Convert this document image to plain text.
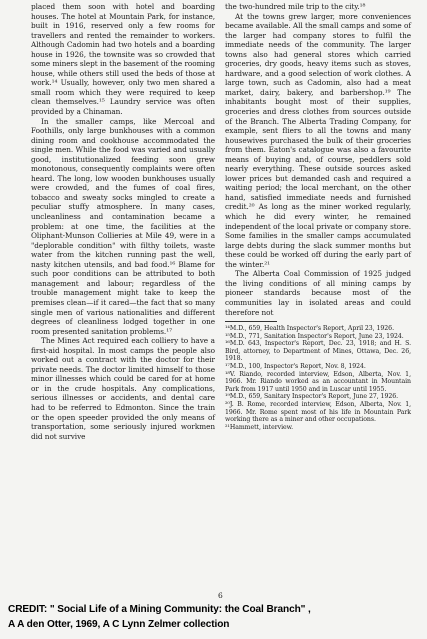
placed them soon with hotel and boarding houses. The hotel at Mountain Park, for instance, built in 1916, reserved only a few rooms for travellers and rented the remainder to workers. Although Cadomin had two hotels and a boarding house in 1926, the townsite was so crowded that some miners slept in the basement of the rooming house, while others still used the beds of those at work.¹⁴ Usually, however, only two men shared a small room which they were required to keep clean themselves.¹⁵ Laundry service was often provided by a Chinaman.

In the smaller camps, like Mercoal and Foothills, only large bunkhouses with a common dining room and cookhouse accommodated the single men. While the food was varied and usually good, institutionalized feeding soon grew monotonous, consequently complaints were often heard. The long, low wooden bunkhouses usually were crowded, and the fumes of coal fires, tobacco and sweaty socks mingled to create a peculiar stuffy atmosphere. In many cases, uncleanliness and contamination became a problem: at one time, the facilities at the Oliphant-Munson Collieries at Mile 49, were in a "deplorable condition" with filthy toilets, waste water from the kitchen running past the well, nasty kitchen utensils, and bad food.¹⁶ Blame for such poor conditions can be attributed to both management and labour; regardless of the trouble management might take to keep the premises clean—if it cared—the fact that so many single men of various nationalities and different degrees of cleanliness lodged together in one room presented sanitation problems.¹⁷

The Mines Act required each colliery to have a first-aid hospital. In most camps the people also worked out a contract with the doctor for their private needs. The doctor limited himself to those minor illnesses which could be cared for at home or in the crude hospitals. Any complications, serious illnesses or accidents, and dental care had to be referred to Edmonton. Since the train or the open speeder provided the only means of transportation, some seriously injured workmen did not survive

the two-hundred mile trip to the city.¹⁸

At the towns grew larger, more conveniences became available. All the small camps and some of the larger had company stores to fulfil the immediate needs of the community. The larger towns also had general stores which carried groceries, dry goods, heavy items such as stoves, hardware, and a good selection of work clothes. A large town, such as Cadomin, also had a meat market, dairy, bakery, and barbershop.¹⁹ The inhabitants bought most of their supplies, groceries and dress clothes from sources outside of the Branch. The Alberta Trading Company, for example, sent fliers to all the towns and many housewives purchased the bulk of their groceries from them. Eaton's catalogue was also a favourite means of buying and, of course, peddlers sold nearly everything. These outside sources asked lower prices but demanded cash and required a waiting period; the local merchant, on the other hand, satisfied immediate needs and furnished credit.²⁰ As long as the miner worked regularly, which he did every winter, he remained independent of the local private or company store. Some families in the smaller camps accumulated large debts during the slack summer months but these could be worked off during the early part of the winter.²¹

The Alberta Coal Commission of 1925 judged the living conditions of all mining camps by pioneer standards because most of the communities lay in isolated areas and could therefore not

¹⁴M.D., 659, Health Inspector's Report, April 23, 1926.

¹⁵M.D., 771, Sanitation Inspector's Report, June 23, 1924.

¹⁶M.D. 643, Inspector's Report, Dec. 23, 1918; and H. S. Bird, attorney, to Department of Mines, Ottawa, Dec. 26, 1918.

¹⁷M.D., 100, Inspector's Report, Nov. 8, 1924.

¹⁸V. Riando, recorded interview, Edson, Alberta, Nov. 1, 1966. Mr. Riando worked as an accountant in Mountain Park from 1917 until 1950 and in Luscar until 1955.

¹⁹M.D., 659, Sanitary Inspector's Report, June 27, 1926.

²⁰J. B. Rome, recorded interview, Edson, Alberta, Nov. 1, 1966. Mr. Rome spent most of his life in Mountain Park working there as a miner and other occupations.

²¹Hammett, interview.

6
CREDIT: " Social Life of a Mining Community: the Coal Branch" ,
A A den Otter, 1969, A C Lynn Zelmer collection
